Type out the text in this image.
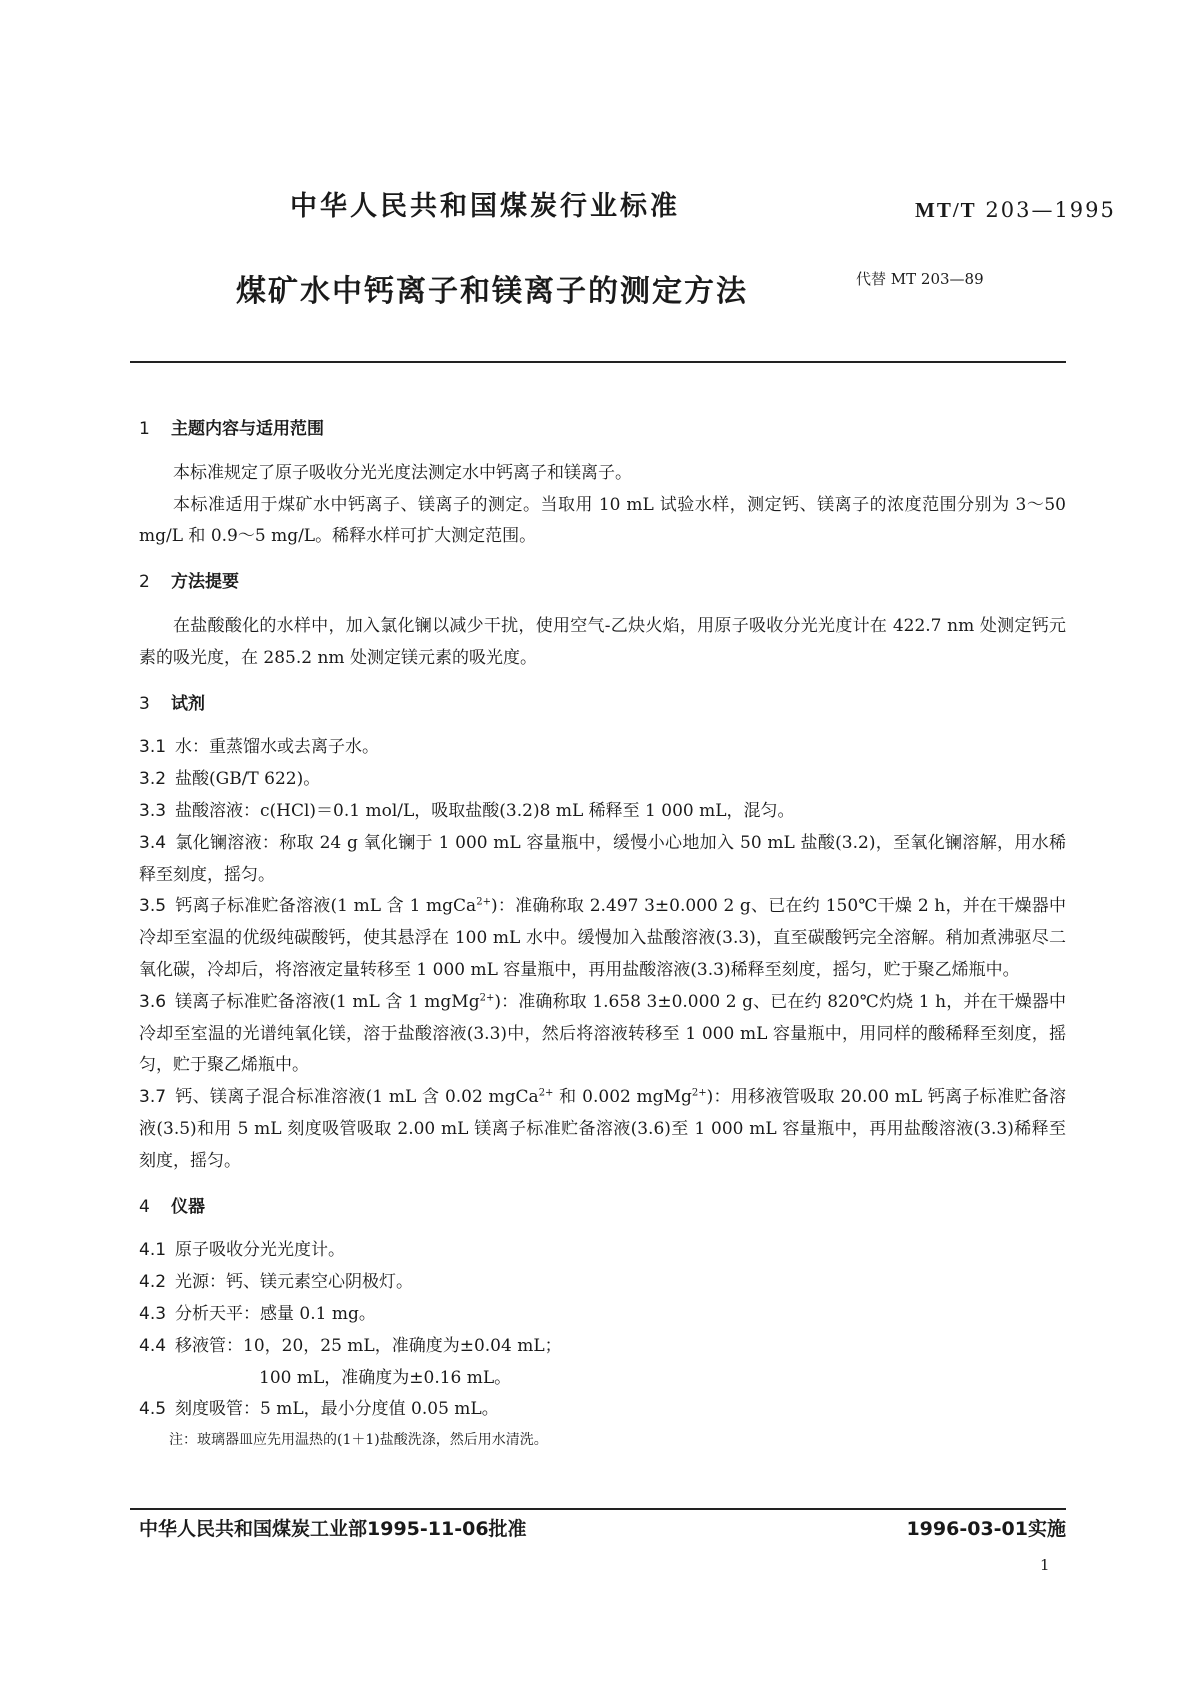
中华人民共和国煤炭行业标准	MT/T 203—1995
煤矿水中钙离子和镁离子的测定方法	代替 MT 203—89
1 主题内容与适用范围

本标准规定了原子吸收分光光度法测定水中钙离子和镁离子。

本标准适用于煤矿水中钙离子、镁离子的测定。当取用 10 mL 试验水样，测定钙、镁离子的浓度范围分别为 3～50 mg/L 和 0.9～5 mg/L。稀释水样可扩大测定范围。

2 方法提要

在盐酸酸化的水样中，加入氯化镧以减少干扰，使用空气-乙炔火焰，用原子吸收分光光度计在 422.7 nm 处测定钙元素的吸光度，在 285.2 nm 处测定镁元素的吸光度。

3 试剂

3.1 水：重蒸馏水或去离子水。

3.2 盐酸(GB/T 622)。

3.3 盐酸溶液：c(HCl)＝0.1 mol/L，吸取盐酸(3.2)8 mL 稀释至 1 000 mL，混匀。

3.4 氯化镧溶液：称取 24 g 氧化镧于 1 000 mL 容量瓶中，缓慢小心地加入 50 mL 盐酸(3.2)，至氧化镧溶解，用水稀释至刻度，摇匀。

3.5 钙离子标准贮备溶液(1 mL 含 1 mgCa$^{2+}$)：准确称取 2.497 3±0.000 2 g、已在约 150℃干燥 2 h，并在干燥器中冷却至室温的优级纯碳酸钙，使其悬浮在 100 mL 水中。缓慢加入盐酸溶液(3.3)，直至碳酸钙完全溶解。稍加煮沸驱尽二氧化碳，冷却后，将溶液定量转移至 1 000 mL 容量瓶中，再用盐酸溶液(3.3)稀释至刻度，摇匀，贮于聚乙烯瓶中。

3.6 镁离子标准贮备溶液(1 mL 含 1 mgMg$^{2+}$)：准确称取 1.658 3±0.000 2 g、已在约 820℃灼烧 1 h，并在干燥器中冷却至室温的光谱纯氧化镁，溶于盐酸溶液(3.3)中，然后将溶液转移至 1 000 mL 容量瓶中，用同样的酸稀释至刻度，摇匀，贮于聚乙烯瓶中。

3.7 钙、镁离子混合标准溶液(1 mL 含 0.02 mgCa$^{2+}$ 和 0.002 mgMg$^{2+}$)：用移液管吸取 20.00 mL 钙离子标准贮备溶液(3.5)和用 5 mL 刻度吸管吸取 2.00 mL 镁离子标准贮备溶液(3.6)至 1 000 mL 容量瓶中，再用盐酸溶液(3.3)稀释至刻度，摇匀。

4 仪器

4.1 原子吸收分光光度计。

4.2 光源：钙、镁元素空心阴极灯。

4.3 分析天平：感量 0.1 mg。

4.4 移液管：10，20，25 mL，准确度为±0.04 mL；

100 mL，准确度为±0.16 mL。

4.5 刻度吸管：5 mL，最小分度值 0.05 mL。

注：玻璃器皿应先用温热的(1＋1)盐酸洗涤，然后用水清洗。

中华人民共和国煤炭工业部1995-11-06批准	1996-03-01实施
1
